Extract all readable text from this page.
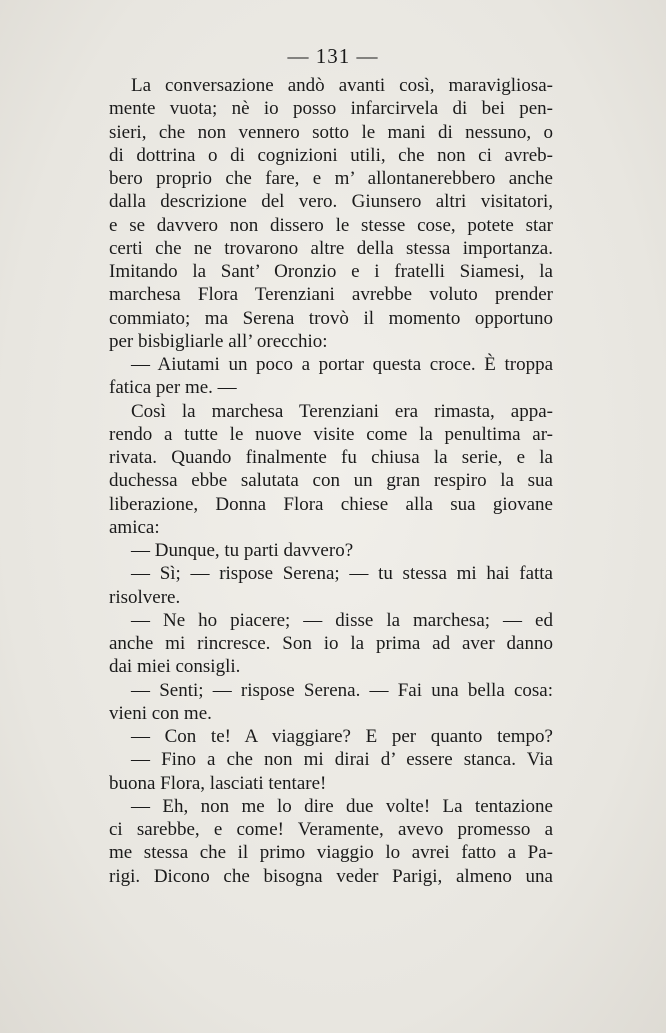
— 131 —
La conversazione andò avanti così, maravigliosa-
mente vuota; nè io posso infarcirvela di bei pen-
sieri, che non vennero sotto le mani di nessuno, o
di dottrina o di cognizioni utili, che non ci avreb-
bero proprio che fare, e m’ allontanerebbero anche
dalla descrizione del vero. Giunsero altri visitatori,
e se davvero non dissero le stesse cose, potete star
certi che ne trovarono altre della stessa importanza.
Imitando la Sant’ Oronzio e i fratelli Siamesi, la
marchesa Flora Terenziani avrebbe voluto prender
commiato; ma Serena trovò il momento opportuno
per bisbigliarle all’ orecchio:
— Aiutami un poco a portar questa croce. È troppa
fatica per me. —
Così la marchesa Terenziani era rimasta, appa-
rendo a tutte le nuove visite come la penultima ar-
rivata. Quando finalmente fu chiusa la serie, e la
duchessa ebbe salutata con un gran respiro la sua
liberazione, Donna Flora chiese alla sua giovane
amica:
— Dunque, tu parti davvero?
— Sì; — rispose Serena; — tu stessa mi hai fatta
risolvere.
— Ne ho piacere; — disse la marchesa; — ed
anche mi rincresce. Son io la prima ad aver danno
dai miei consigli.
— Senti; — rispose Serena. — Fai una bella cosa:
vieni con me.
— Con te! A viaggiare? E per quanto tempo?
— Fino a che non mi dirai d’ essere stanca. Via
buona Flora, lasciati tentare!
— Eh, non me lo dire due volte! La tentazione
ci sarebbe, e come! Veramente, avevo promesso a
me stessa che il primo viaggio lo avrei fatto a Pa-
rigi. Dicono che bisogna veder Parigi, almeno una
